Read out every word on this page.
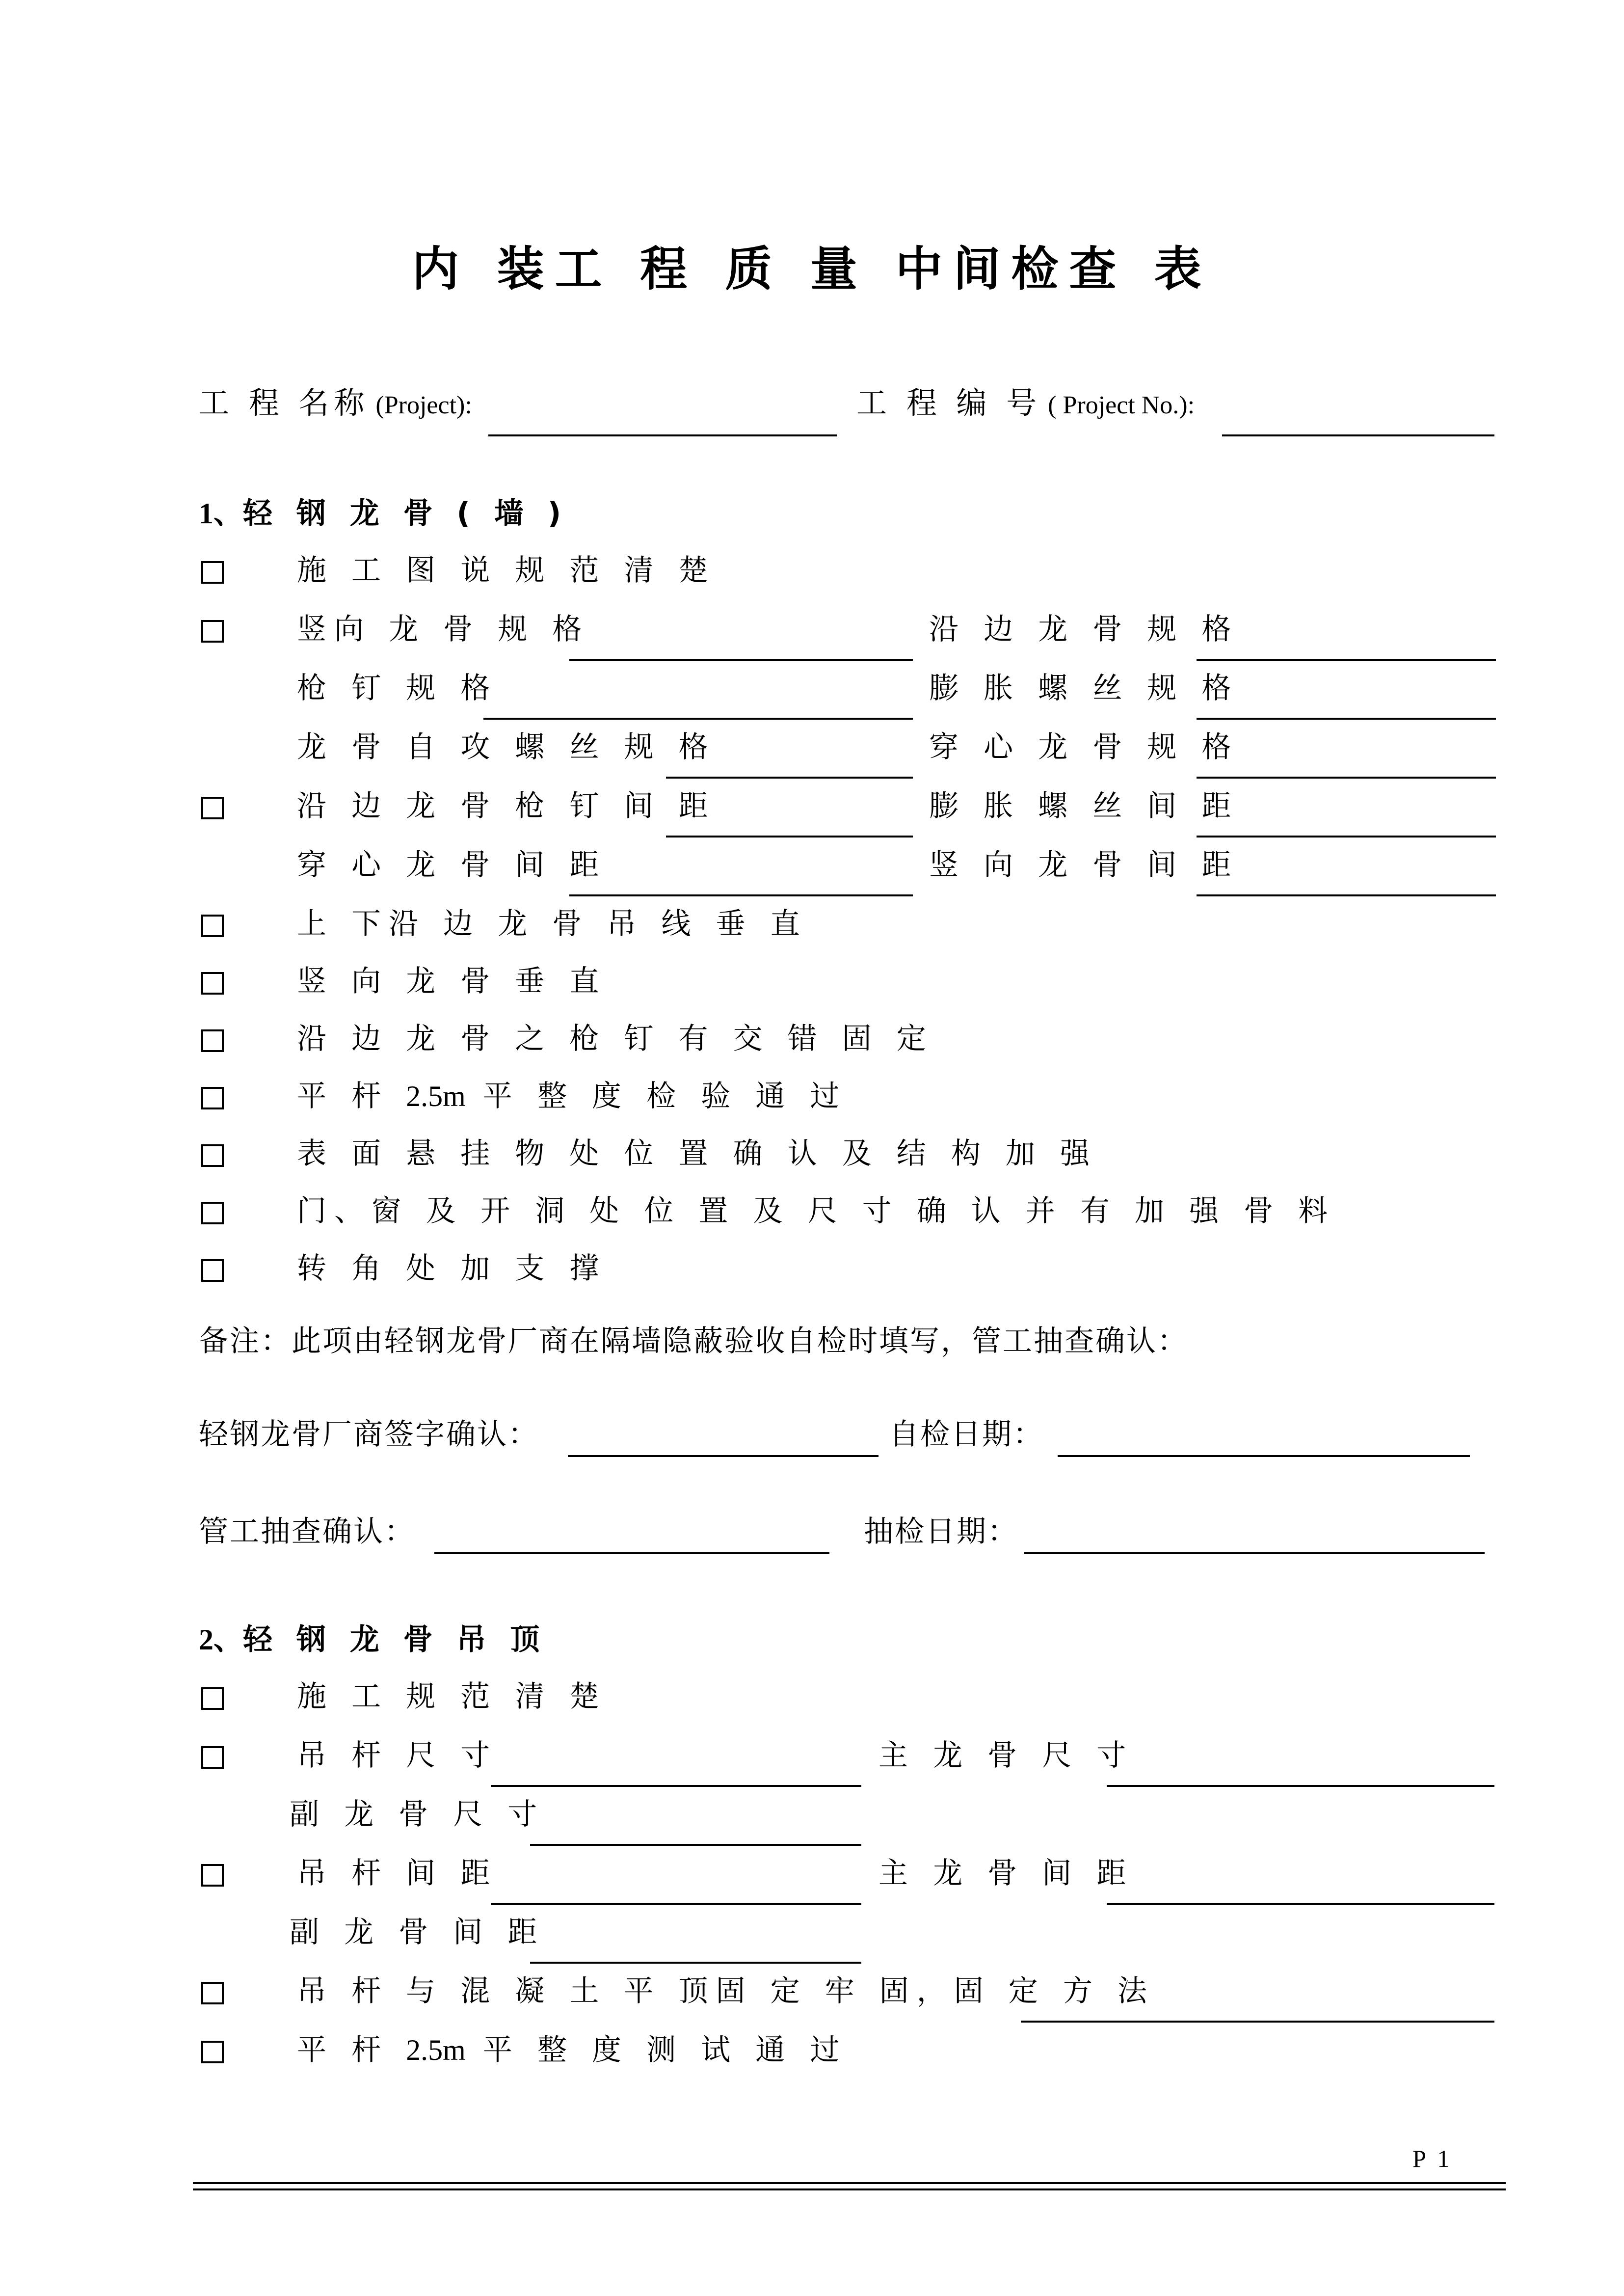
内 装工 程 质 量 中间检查 表
工 程 名称 (Project):	工 程 编 号 ( Project No.):
1、轻 钢 龙 骨 ( 墙 )
施 工 图 说 规 范 清 楚
竖向 龙 骨 规 格	沿 边 龙 骨 规 格
枪 钉 规 格	膨 胀 螺 丝 规 格
龙 骨 自 攻 螺 丝 规 格	穿 心 龙 骨 规 格
沿 边 龙 骨 枪 钉 间 距	膨 胀 螺 丝 间 距
穿 心 龙 骨 间 距	竖 向 龙 骨 间 距
上 下沿 边 龙 骨 吊 线 垂 直
竖 向 龙 骨 垂 直
沿 边 龙 骨 之 枪 钉 有 交 错 固 定
平 杆 2.5m 平 整 度 检 验 通 过
表 面 悬 挂 物 处 位 置 确 认 及 结 构 加 强
门、窗 及 开 洞 处 位 置 及 尺 寸 确 认 并 有 加 强 骨 料
转 角 处 加 支 撑
备注：此项由轻钢龙骨厂商在隔墙隐蔽验收自检时填写，管工抽查确认：
轻钢龙骨厂商签字确认：	自检日期：
管工抽查确认：	抽检日期：
2、轻 钢 龙 骨 吊 顶
施 工 规 范 清 楚
吊 杆 尺 寸	主 龙 骨 尺 寸
副 龙 骨 尺 寸
吊 杆 间 距	主 龙 骨 间 距
副 龙 骨 间 距
吊 杆 与 混 凝 土 平 顶固 定 牢 固，固 定 方 法
平 杆 2.5m 平 整 度 测 试 通 过
P 1
